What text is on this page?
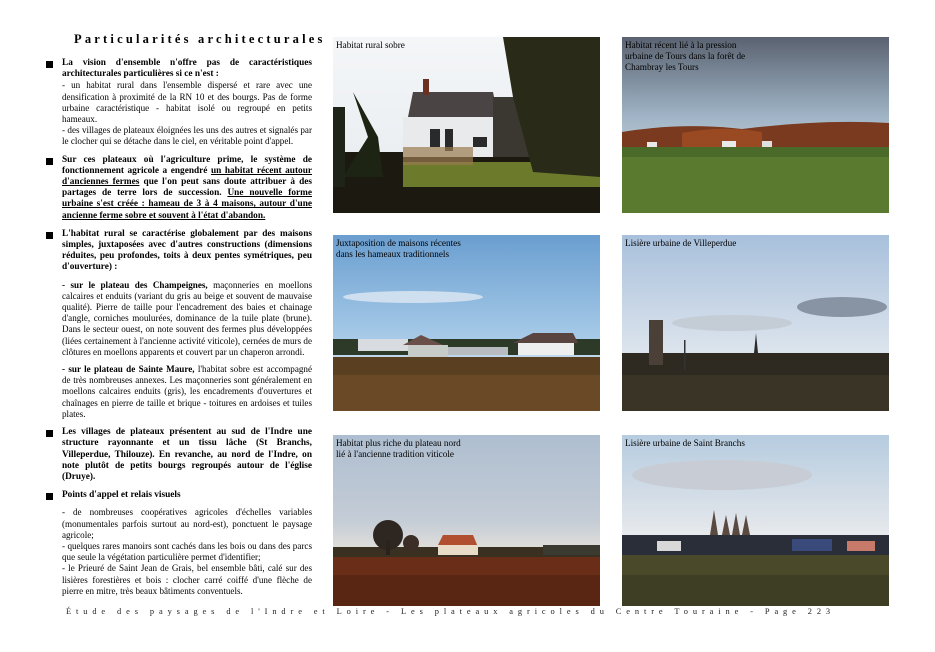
Particularités architecturales
La vision d'ensemble n'offre pas de caractéristiques architecturales particulières si ce n'est :
- un habitat rural dans l'ensemble dispersé et rare avec une densification à proximité de la RN 10 et des bourgs. Pas de forme urbaine caractéristique - habitat isolé ou regroupé en petits hameaux.
- des villages de plateaux éloignées les uns des autres et signalés par le clocher qui se détache dans le ciel, en véritable point d'appel.
Sur ces plateaux où l'agriculture prime, le système de fonctionnement agricole a engendré un habitat récent autour d'anciennes fermes que l'on peut sans doute attribuer à des partages de terre lors de succession. Une nouvelle forme urbaine s'est créée : hameau de 3 à 4 maisons, autour d'une ancienne ferme sobre et souvent à l'état d'abandon.
L'habitat rural se caractérise globalement par des maisons simples, juxtaposées avec d'autres constructions (dimensions réduites, peu profondes, toits à deux pentes symétriques, peu d'ouverture) :
- sur le plateau des Champeignes, maçonneries en moellons calcaires et enduits (variant du gris au beige et souvent de mauvaise qualité). Pierre de taille pour l'encadrement des baies et chainage d'angle, corniches moulurées, dominance de la tuile plate (brune). Dans le secteur ouest, on note souvent des fermes plus développées (liées certainement à l'ancienne activité viticole), cernées de murs de clôtures en moellons apparents et couvert par un chaperon arrondi.
- sur le plateau de Sainte Maure, l'habitat sobre est accompagné de très nombreuses annexes. Les maçonneries sont généralement en moellons calcaires enduits (gris), les encadrements d'ouvertures et chaînages en pierre de taille et brique - toitures en ardoises et tuiles plates.
Les villages de plateaux présentent au sud de l'Indre une structure rayonnante et un tissu lâche (St Branchs, Villeperdue, Thilouze). En revanche, au nord de l'Indre, on note plutôt de petits bourgs regroupés autour de l'église (Druye).
Points d'appel et relais visuels
- de nombreuses coopératives agricoles d'échelles variables (monumentales parfois surtout au nord-est), ponctuent le paysage agricole;
- quelques rares manoirs sont cachés dans les bois ou dans des parcs que seule la végétation particulière permet d'identifier;
- le Prieuré de Saint Jean de Grais, bel ensemble bâti, calé sur des lisières forestières et bois : clocher carré coiffé d'une flèche de pierre en mitre, très beaux bâtiments conventuels.
Habitat rural sobre	Habitat récent lié à la pression
urbaine de Tours dans la forêt de
Chambray les Tours
Juxtaposition de maisons récentes
dans les hameaux traditionnels
Lisière urbaine de Villeperdue
Habitat plus riche du plateau nord
lié à l'ancienne tradition viticole
Lisière urbaine de Saint Branchs
Étude des paysages de l'Indre et Loire - Les plateaux agricoles du Centre Touraine - Page 223
